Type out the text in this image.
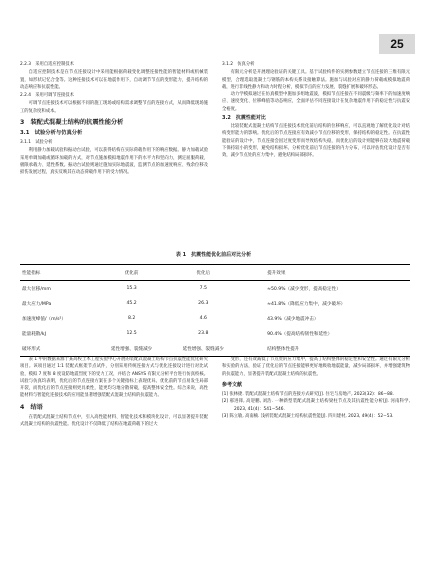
25
2.2.3　采用自适应控制技术

自适应控制技术是在节点连接设计中采用能根据荷载变化调整连接性能的智能材料或机械装置，如形状记忆合金等。这种连接技术可以在地震作用下，自动调节节点的变形能力，提升结构的动态响应和抗震性能。

2.2.4　采用可调节连接技术

可调节点连接技术可以根据不同的施工现场或结构需求调整节点的连接方式，从而降低现场施工的复杂度和成本。

3　装配式混凝土结构的抗震性能分析
3.1　试验分析与仿真分析
3.1.1　试验分析

利用静力加载试验和振动台试验，可以获得结构在实际荷载作用下的响应数据。静力加载试验采用单调加载或循环加载的方式，对节点施加模拟地震作用下的水平力和竖向力，测定屈服荷载、极限承载力、延性系数。振动台试验则通过施加实际地震波，监测节点的加速度响应、残余位移及损伤发展过程，真实反映其在动态荷载作用下的受力情况。

3.1.2　仿真分析

有限元分析是开展理论验证的关键工具。基于试验构件的实测参数建立节点连接的三维有限元模型，合理选取混凝土与钢筋的本构关系及接触算法。施加与试验对应的静力荷载或模拟地震荷载，进行非线性静力和动力时程分析，模拟节点的应力发展、裂缝扩展和破坏形态。

动力学模拟通过在仿真模型中施加多组地震波，模拟节点连接在不同震级与频率下的加速度响应、速度变化、位移峰值等动态响应，全面评估不同连接设计在复杂地震作用下的稳定性与抗震安全裕度。

3.2　抗震性能对比

比较装配式混凝土结构节点连接技术优化前后结构的位移响应，可以直观地了解优化设计对结构变形能力的影响。优化后的节点连接应有效减小节点位移的变形，保持结构的稳定性。在抗震性能验证的设计中，节点连接会因过度变形而导致结构失稳，而优化后的设计则能够在较大地震荷载下保持较小的变形，避免结构损坏。分析优化前后节点连接的内力分布，可以评估优化设计是否有效，减少节点处的应力集中，避免结构局部损坏。

表 1　抗震性能优化前后对比分析
性能指标	优化前	优化后	提升效果
最大位移/mm	15.3	7.5	≈50.9%（减少变形，提高稳定性）
最大应力/MPa	45.2	26.3	≈41.8%（降低应力集中，减少破坏）
加速度峰值/（m/s²）	8.2	4.6	43.9%（减少地震冲击）
能量耗散/kJ	12.5	23.8	90.4%（提高结构韧性和延性）
破坏形式	延性增强、裂缝减少	延性增强、裂缝减少	结构整体性提升

表 1 中的数据来源于某高校土木工程实验中心开展的装配式混凝土结构节点抗震性能优化研究项目。该项目通过 1∶1 装配式框架节点试件，分别采用传统连接方式与优化连接设计进行对比试验，模拟 7 度和 8 度设防地震烈度下的受力工况，并结合 ANSYS 有限元分析平台进行仿真校核。试验与仿真均表明，优化后的节点连接方案在多个关键指标上表现优异。优化前的节点易发生局部开裂，而优化后的节点连接则更具柔性，能更均匀地分散荷载，提高整体安全性。综合来说，高性能材料与智能化连接技术的应用能显著增强装配式混凝土结构的抗震能力。

4　结语

在装配式混凝土结构节点中，引入高性能材料、智能化技术和模块化设计，可以显著提升装配式混凝土结构的抗震性能。优化设计不仅降低了结构在地震荷载下的过大

变形，还有效减低了节点处的应力集中，提高了结构整体的稳定性和安全性。通过有限元分析和实验的方法，验证了优化后的节点连接能够更好地吸收地震能量，减少局部损坏，并增强建筑物的抗震能力，显著提升装配式混凝土结构的抗震性。

参考文献
[1] 张林捷. 装配式混凝土结构节点的连接方式研究[J]. 住宅与房地产, 2023(32)：86−88.
[2] 郝进锋, 高迎鹏, 刘浩. 一种新型装配式混凝土结构梁柱节点及其抗震性能分析[J]. 河南科学, 2023, 41(4)：541−546.
[3] 陈立敏, 高南楠. 浅析装配式混凝土结构抗震性能[J]. 四川建材, 2023, 49(4)：52−53.
